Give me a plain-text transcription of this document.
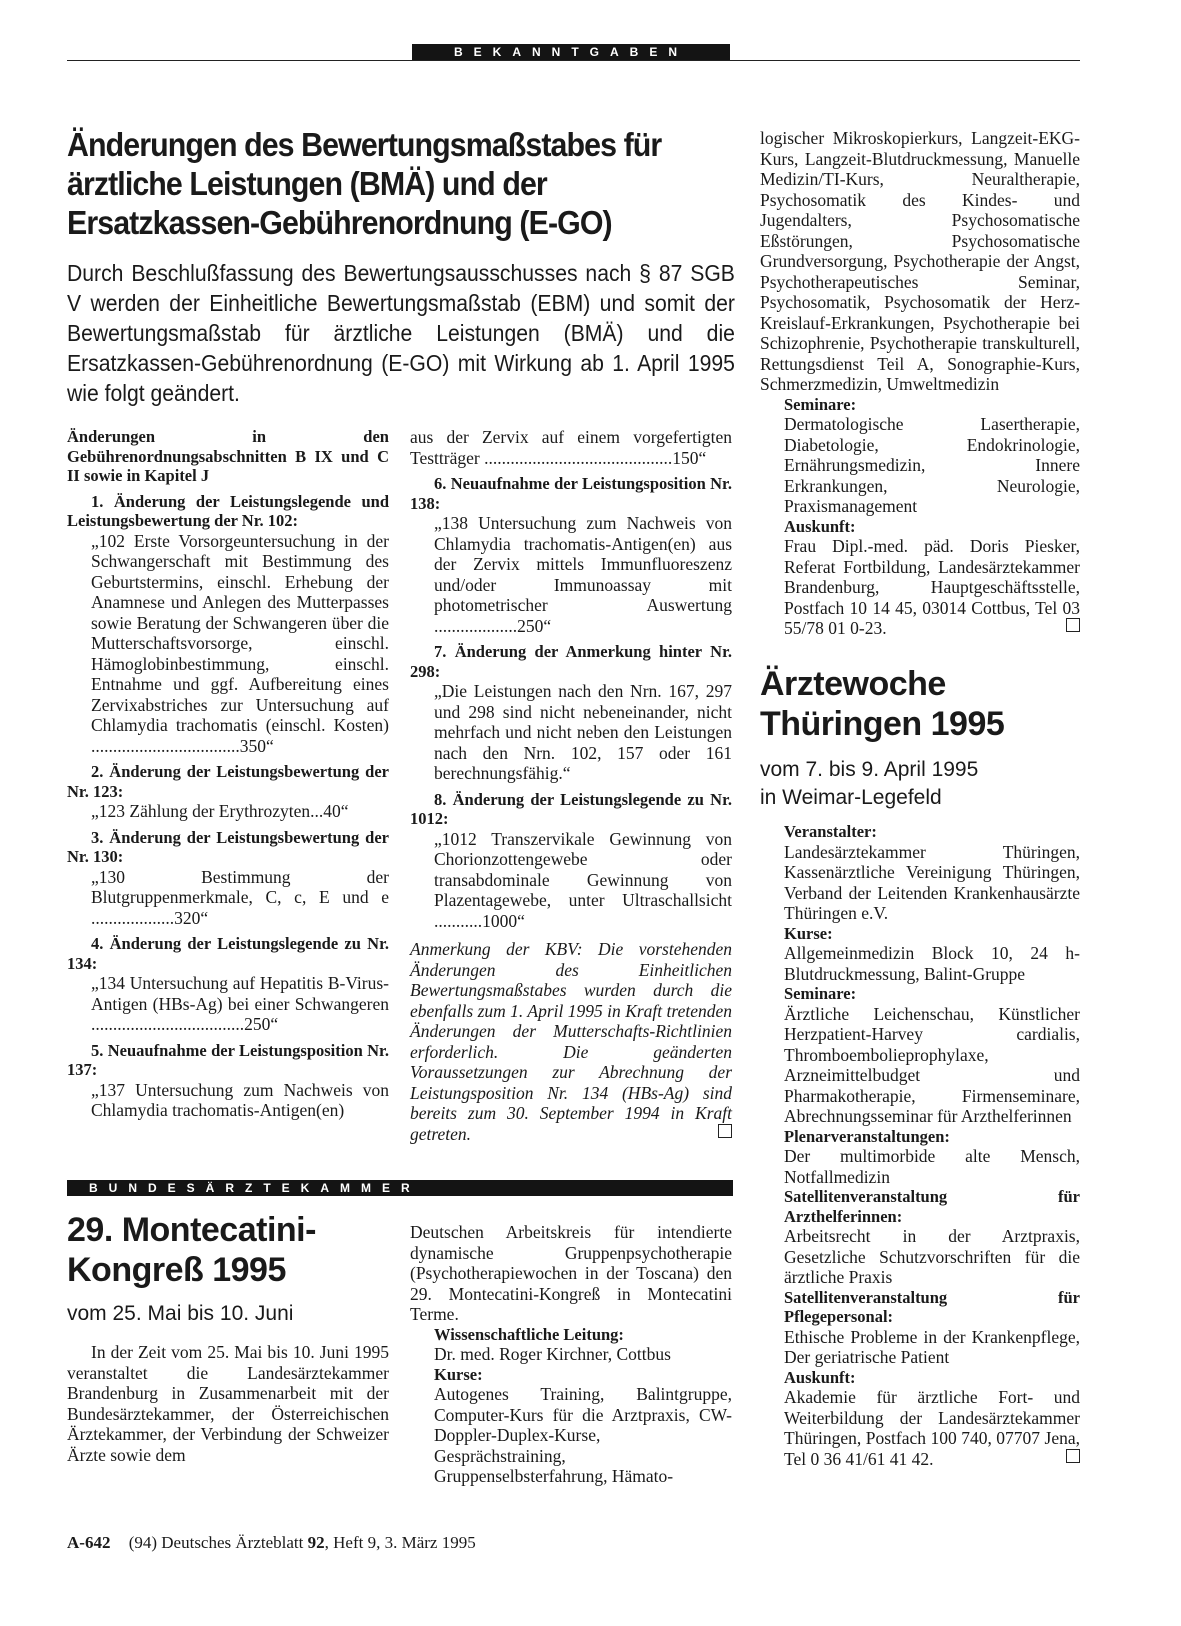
BEKANNTGABEN
Änderungen des Bewertungsmaßstabes für
ärztliche Leistungen (BMÄ) und der
Ersatzkassen-Gebührenordnung (E-GO)
Durch Beschlußfassung des Bewertungsausschusses nach § 87 SGB V werden der Einheitliche Bewertungsmaßstab (EBM) und somit der Bewertungsmaßstab für ärztliche Leistungen (BMÄ) und die Ersatzkassen-Gebührenordnung (E-GO) mit Wirkung ab 1. April 1995 wie folgt geändert.

Änderungen in den Gebührenordnungsabschnitten B IX und C II sowie in Kapitel J

1. Änderung der Leistungslegende und Leistungsbewertung der Nr. 102:

„102 Erste Vorsorgeuntersuchung in der Schwangerschaft mit Bestimmung des Geburtstermins, einschl. Erhebung der Anamnese und Anlegen des Mutterpasses sowie Beratung der Schwangeren über die Mutterschaftsvorsorge, einschl. Hämoglobinbestimmung, einschl. Entnahme und ggf. Aufbereitung eines Zervixabstriches zur Untersuchung auf Chlamydia trachomatis (einschl. Kosten) ..................................350“

2. Änderung der Leistungsbewertung der Nr. 123:

„123 Zählung der Erythrozyten...40“

3. Änderung der Leistungsbewertung der Nr. 130:

„130 Bestimmung der Blutgruppenmerkmale, C, c, E und e ...................320“

4. Änderung der Leistungslegende zu Nr. 134:

„134 Untersuchung auf Hepatitis B-Virus-Antigen (HBs-Ag) bei einer Schwangeren ...................................250“

5. Neuaufnahme der Leistungsposition Nr. 137:

„137 Untersuchung zum Nachweis von Chlamydia trachomatis-Antigen(en)

aus der Zervix auf einem vorgefertigten Testträger ...........................................150“

6. Neuaufnahme der Leistungsposition Nr. 138:

„138 Untersuchung zum Nachweis von Chlamydia trachomatis-Antigen(en) aus der Zervix mittels Immunfluoreszenz und/oder Immunoassay mit photometrischer Auswertung ...................250“

7. Änderung der Anmerkung hinter Nr. 298:

„Die Leistungen nach den Nrn. 167, 297 und 298 sind nicht nebeneinander, nicht mehrfach und nicht neben den Leistungen nach den Nrn. 102, 157 oder 161 berechnungsfähig.“

8. Änderung der Leistungslegende zu Nr. 1012:

„1012 Transzervikale Gewinnung von Chorionzottengewebe oder transabdominale Gewinnung von Plazentagewebe, unter Ultraschallsicht ...........1000“

Anmerkung der KBV: Die vorstehenden Änderungen des Einheitlichen Bewertungsmaßstabes wurden durch die ebenfalls zum 1. April 1995 in Kraft tretenden Änderungen der Mutterschafts-Richtlinien erforderlich. Die geänderten Voraussetzungen zur Abrechnung der Leistungsposition Nr. 134 (HBs-Ag) sind bereits zum 30. September 1994 in Kraft getreten.

logischer Mikroskopierkurs, Langzeit-EKG-Kurs, Langzeit-Blutdruckmessung, Manuelle Medizin/TI-Kurs, Neuraltherapie, Psychosomatik des Kindes- und Jugendalters, Psychosomatische Eßstörungen, Psychosomatische Grundversorgung, Psychotherapie der Angst, Psychotherapeutisches Seminar, Psychosomatik, Psychosomatik der Herz-Kreislauf-Erkrankungen, Psychotherapie bei Schizophrenie, Psychotherapie transkulturell, Rettungsdienst Teil A, Sonographie-Kurs, Schmerzmedizin, Umweltmedizin

Seminare:

Dermatologische Lasertherapie, Diabetologie, Endokrinologie, Ernährungsmedizin, Innere Erkrankungen, Neurologie, Praxismanagement

Auskunft:

Frau Dipl.-med. päd. Doris Piesker, Referat Fortbildung, Landesärztekammer Brandenburg, Hauptgeschäftsstelle, Postfach 10 14 45, 03014 Cottbus, Tel 03 55/78 01 0-23.

Ärztewoche
Thüringen 1995
vom 7. bis 9. April 1995
in Weimar-Legefeld

Veranstalter:

Landesärztekammer Thüringen, Kassenärztliche Vereinigung Thüringen, Verband der Leitenden Krankenhausärzte Thüringen e.V.

Kurse:

Allgemeinmedizin Block 10, 24 h-Blutdruckmessung, Balint-Gruppe

Seminare:

Ärztliche Leichenschau, Künstlicher Herzpatient-Harvey cardialis, Thromboembolieprophylaxe, Arzneimittelbudget und Pharmakotherapie, Firmenseminare, Abrechnungsseminar für Arzthelferinnen

Plenarveranstaltungen:

Der multimorbide alte Mensch, Notfallmedizin

Satellitenveranstaltung für Arzthelferinnen:

Arbeitsrecht in der Arztpraxis, Gesetzliche Schutzvorschriften für die ärztliche Praxis

Satellitenveranstaltung für Pflegepersonal:

Ethische Probleme in der Krankenpflege, Der geriatrische Patient

Auskunft:

Akademie für ärztliche Fort- und Weiterbildung der Landesärztekammer Thüringen, Postfach 100 740, 07707 Jena, Tel 0 36 41/61 41 42.

BUNDESÄRZTEKAMMER
29. Montecatini-
Kongreß 1995
vom 25. Mai bis 10. Juni

In der Zeit vom 25. Mai bis 10. Juni 1995 veranstaltet die Landesärztekammer Brandenburg in Zusammenarbeit mit der Bundesärztekammer, der Österreichischen Ärztekammer, der Verbindung der Schweizer Ärzte sowie dem

Deutschen Arbeitskreis für intendierte dynamische Gruppenpsychotherapie (Psychotherapiewochen in der Toscana) den 29. Montecatini-Kongreß in Montecatini Terme.

Wissenschaftliche Leitung:

Dr. med. Roger Kirchner, Cottbus

Kurse:

Autogenes Training, Balintgruppe, Computer-Kurs für die Arztpraxis, CW-Doppler-Duplex-Kurse, Gesprächstraining, Gruppenselbsterfahrung, Hämato-

A-642 (94) Deutsches Ärzteblatt 92, Heft 9, 3. März 1995
